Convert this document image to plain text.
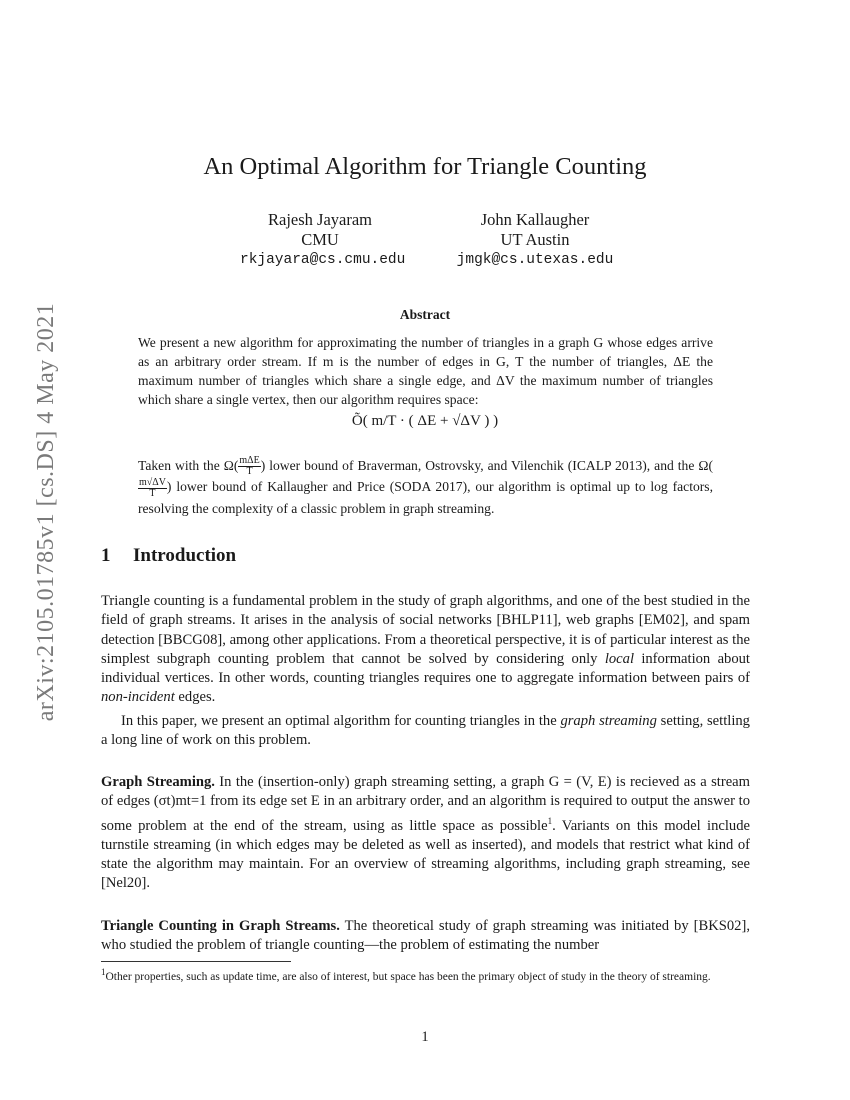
arXiv:2105.01785v1 [cs.DS] 4 May 2021
An Optimal Algorithm for Triangle Counting
Rajesh Jayaram
CMU
rkjayara@cs.cmu.edu
John Kallaugher
UT Austin
jmgk@cs.utexas.edu
Abstract
We present a new algorithm for approximating the number of triangles in a graph G whose edges arrive as an arbitrary order stream. If m is the number of edges in G, T the number of triangles, ΔE the maximum number of triangles which share a single edge, and ΔV the maximum number of triangles which share a single vertex, then our algorithm requires space:
Õ( m/T · ( ΔE + √ΔV ) )
Taken with the $\Omega( \frac{\text{mΔE}}{T}$ ) lower bound of Braverman, Ostrovsky, and Vilenchik (ICALP 2013), and the Ω(
$\frac{m√\Delta V}{T}$ ) lower bound of Kallaugher and Price (SODA 2017), our algorithm is optimal up to log factors, resolving the complexity of a classic problem in graph streaming.
1 Introduction
Triangle counting is a fundamental problem in the study of graph algorithms, and one of the best studied in the field of graph streams. It arises in the analysis of social networks [BHLP11], web graphs [EM02], and spam detection [BBCG08], among other applications. From a theoretical perspective, it is of particular interest as the simplest subgraph counting problem that cannot be solved by considering only local information about individual vertices. In other words, counting triangles requires one to aggregate information between pairs of non-incident edges.
In this paper, we present an optimal algorithm for counting triangles in the graph streaming setting, settling a long line of work on this problem.
Graph Streaming. In the (insertion-only) graph streaming setting, a graph G = (V, E) is recieved as a stream of edges (σt)mt=1 from its edge set E in an arbitrary order, and an algorithm is required to output the answer to some problem at the end of the stream, using as little space as possible$^1$. Variants on this model include turnstile streaming (in which edges may be deleted as well as inserted), and models that restrict what kind of state the algorithm may maintain. For an overview of streaming algorithms, including graph streaming, see [Nel20].
Triangle Counting in Graph Streams. The theoretical study of graph streaming was initiated by [BKS02], who studied the problem of triangle counting—the problem of estimating the number
$^1$Other properties, such as update time, are also of interest, but space has been the primary object of study in the theory of streaming.
1
